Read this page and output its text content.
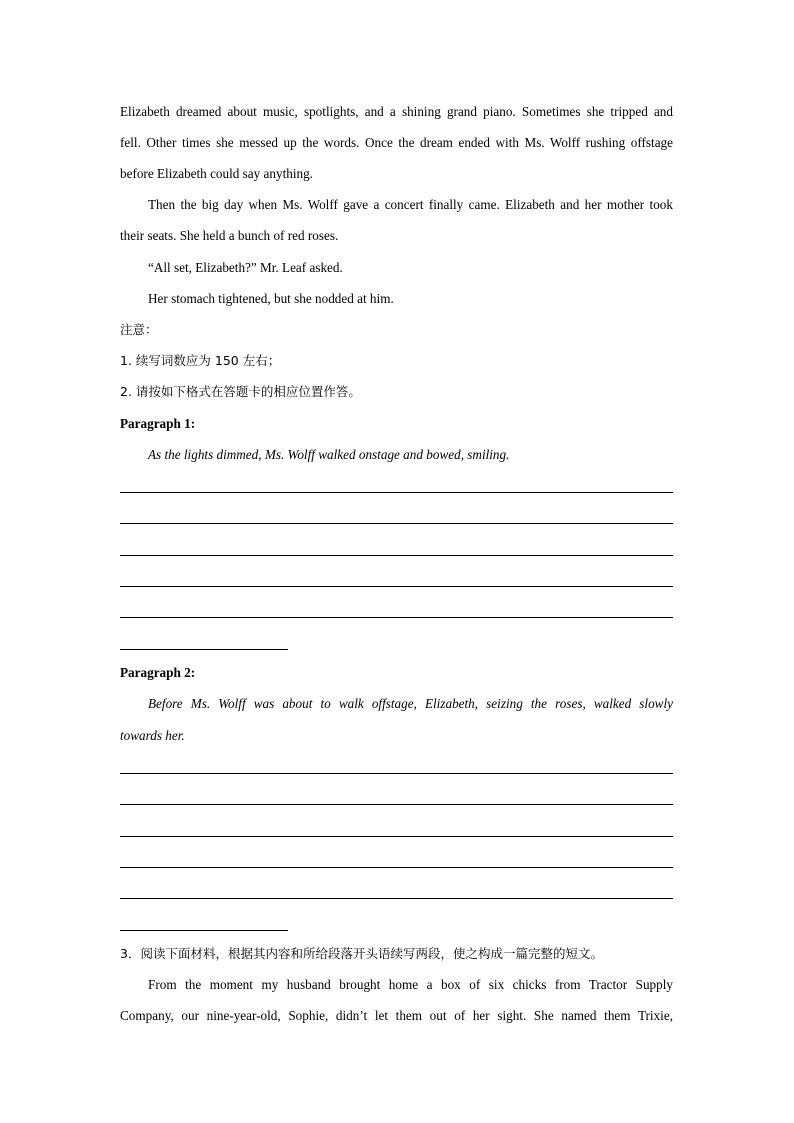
Elizabeth dreamed about music, spotlights, and a shining grand piano. Sometimes she tripped and
fell. Other times she messed up the words. Once the dream ended with Ms. Wolff rushing offstage
before Elizabeth could say anything.
Then the big day when Ms. Wolff gave a concert finally came. Elizabeth and her mother took
their seats. She held a bunch of red roses.
“All set, Elizabeth?” Mr. Leaf asked.
Her stomach tightened, but she nodded at him.
注意：
1. 续写词数应为 150 左右；
2. 请按如下格式在答题卡的相应位置作答。
Paragraph 1:
As the lights dimmed, Ms. Wolff walked onstage and bowed, smiling.
Paragraph 2:
Before Ms. Wolff was about to walk offstage, Elizabeth, seizing the roses, walked slowly
towards her.
3．阅读下面材料，根据其内容和所给段落开头语续写两段，使之构成一篇完整的短文。
From the moment my husband brought home a box of six chicks from Tractor Supply
Company, our nine-year-old, Sophie, didn’t let them out of her sight. She named them Trixie,
